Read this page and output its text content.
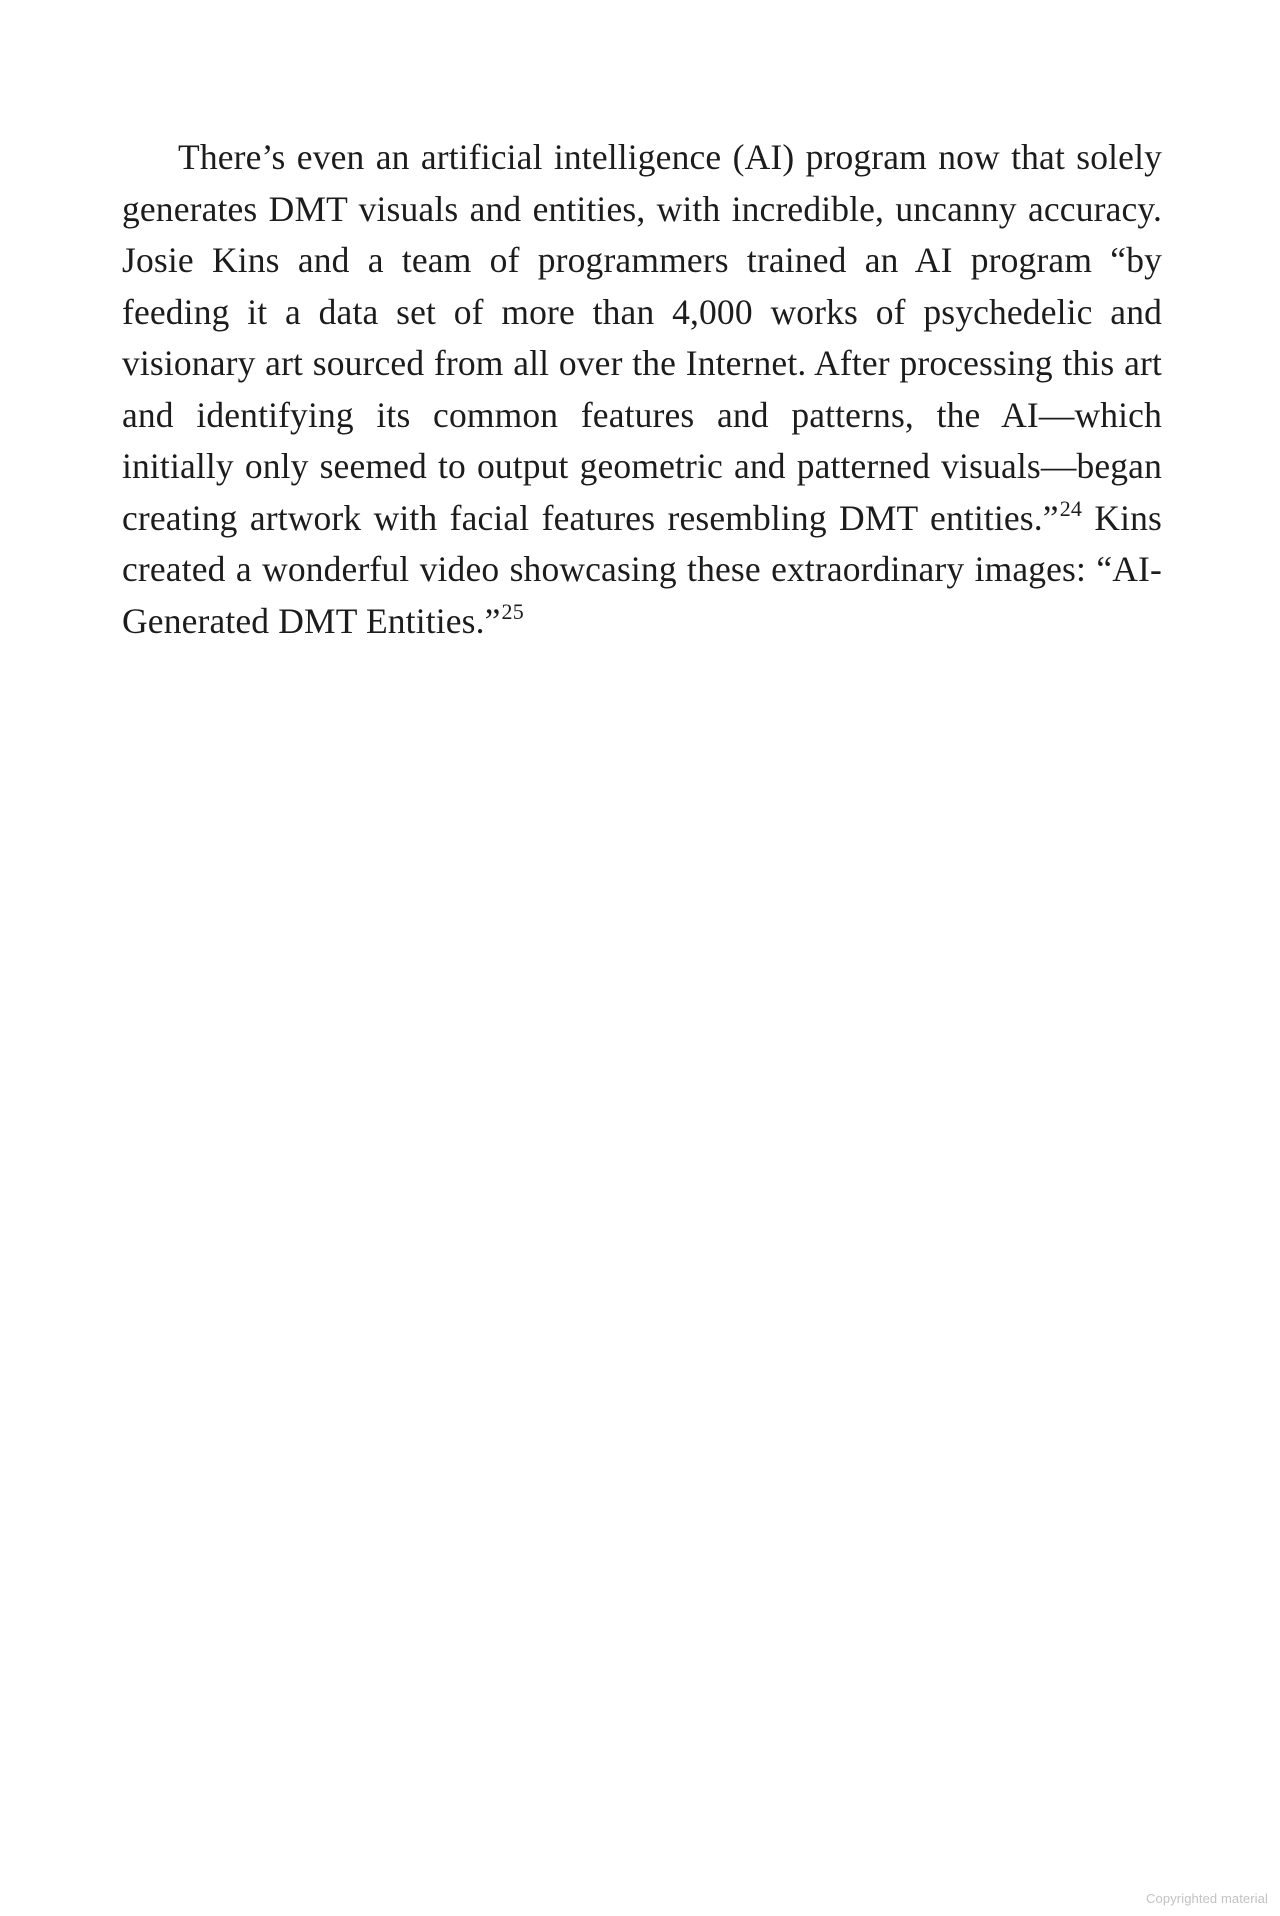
There’s even an artificial intelligence (AI) program now that solely generates DMT visuals and entities, with incredible, uncanny accuracy. Josie Kins and a team of programmers trained an AI program “by feeding it a data set of more than 4,000 works of psychedelic and visionary art sourced from all over the Internet. After processing this art and identifying its common features and patterns, the AI—which initially only seemed to output geometric and patterned visuals—began creating artwork with facial features resembling DMT entities.”$^{24}$ Kins created a wonderful video showcasing these extraordinary images: “AI-Generated DMT Entities.”$^{25}$

Copyrighted material
